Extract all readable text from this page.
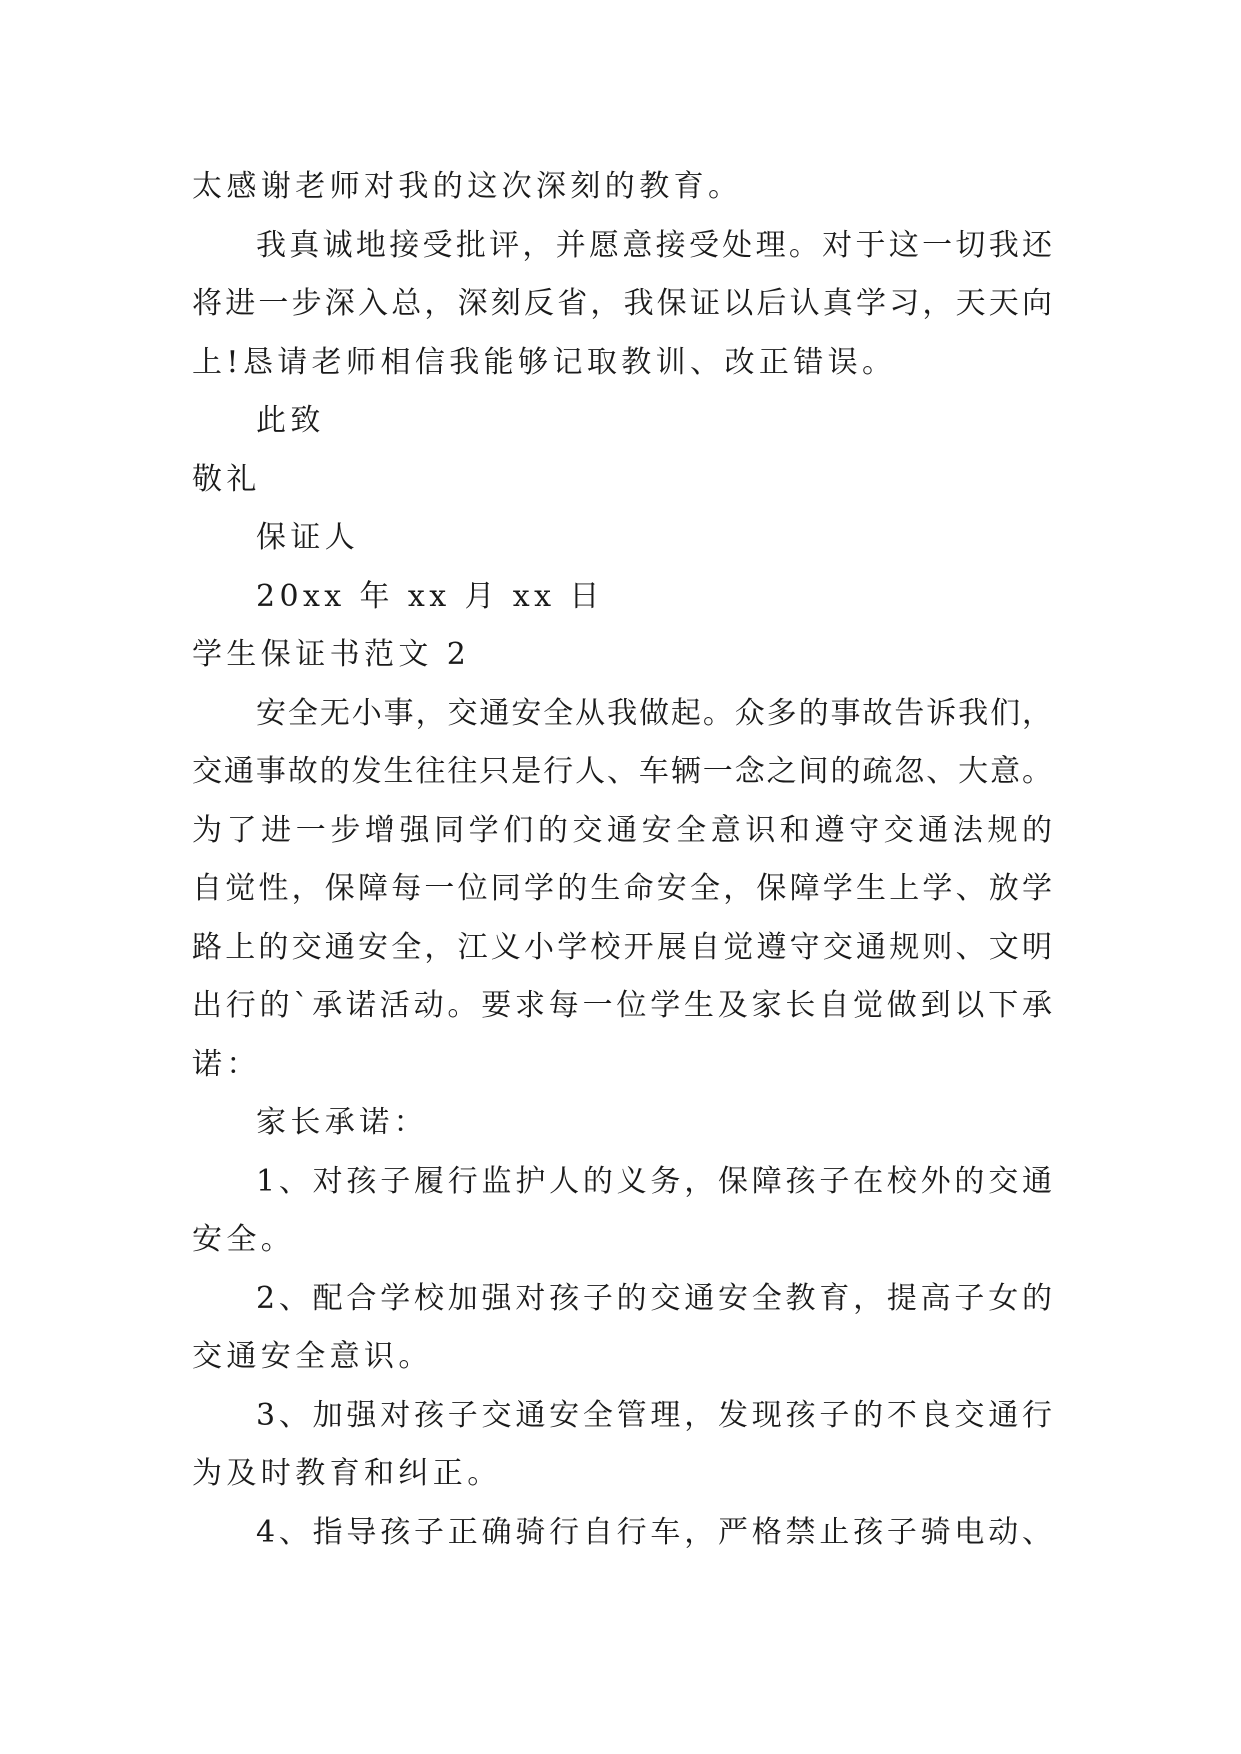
太感谢老师对我的这次深刻的教育。
我真诚地接受批评，并愿意接受处理。对于这一切我还
将进一步深入总，深刻反省，我保证以后认真学习，天天向
上!恳请老师相信我能够记取教训、改正错误。
此致
敬礼
保证人
20xx 年 xx 月 xx 日
学生保证书范文 2
安全无小事，交通安全从我做起。众多的事故告诉我们，
交通事故的发生往往只是行人、车辆一念之间的疏忽、大意。
为了进一步增强同学们的交通安全意识和遵守交通法规的
自觉性，保障每一位同学的生命安全，保障学生上学、放学
路上的交通安全，江义小学校开展自觉遵守交通规则、文明
出行的`承诺活动。要求每一位学生及家长自觉做到以下承
诺：
家长承诺：
1、对孩子履行监护人的义务，保障孩子在校外的交通
安全。
2、配合学校加强对孩子的交通安全教育，提高子女的
交通安全意识。
3、加强对孩子交通安全管理，发现孩子的不良交通行
为及时教育和纠正。
4、指导孩子正确骑行自行车，严格禁止孩子骑电动、
